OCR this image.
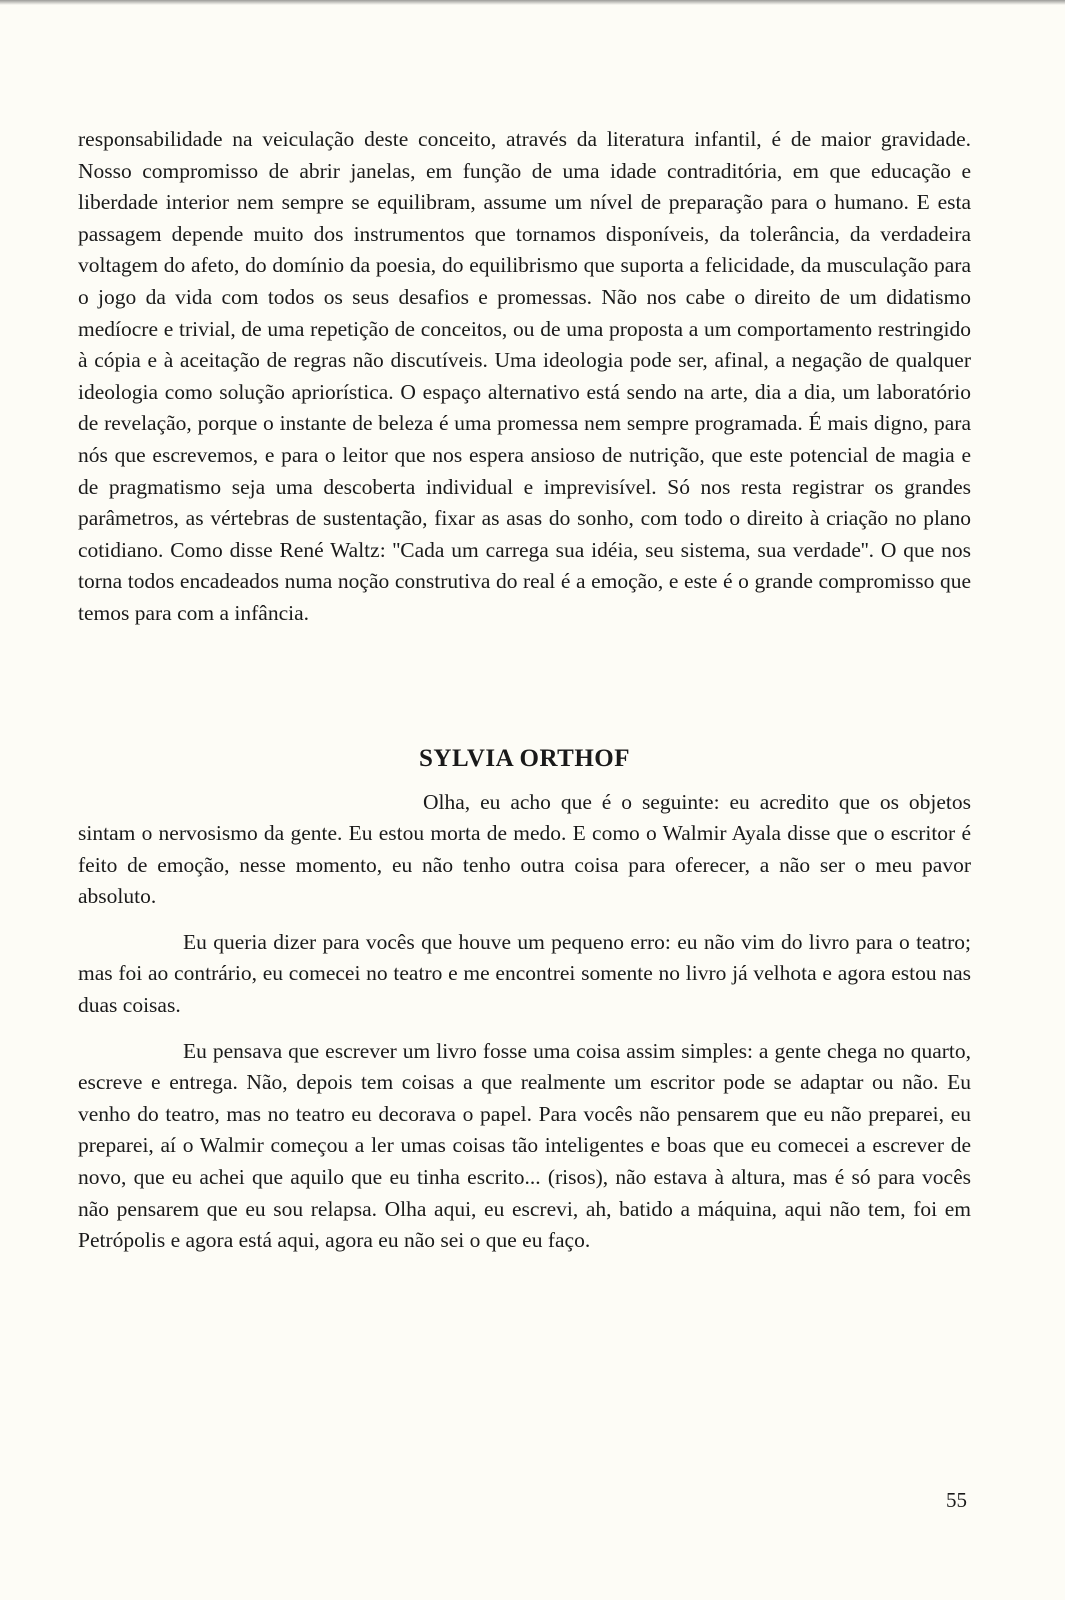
responsabilidade na veiculação deste conceito, através da literatura infantil, é de maior gravidade. Nosso compromisso de abrir janelas, em função de uma idade contraditória, em que educação e liberdade interior nem sempre se equilibram, assume um nível de preparação para o humano. E esta passagem depende muito dos instrumentos que tornamos disponíveis, da tolerância, da verdadeira voltagem do afeto, do domínio da poesia, do equilibrismo que suporta a felicidade, da musculação para o jogo da vida com todos os seus desafios e promessas. Não nos cabe o direito de um didatismo medíocre e trivial, de uma repetição de conceitos, ou de uma proposta a um comportamento restringido à cópia e à aceitação de regras não discutíveis. Uma ideologia pode ser, afinal, a negação de qualquer ideologia como solução apriorística. O espaço alternativo está sendo na arte, dia a dia, um laboratório de revelação, porque o instante de beleza é uma promessa nem sempre programada. É mais digno, para nós que escrevemos, e para o leitor que nos espera ansioso de nutrição, que este potencial de magia e de pragmatismo seja uma descoberta individual e imprevisível. Só nos resta registrar os grandes parâmetros, as vértebras de sustentação, fixar as asas do sonho, com todo o direito à criação no plano cotidiano. Como disse René Waltz: ''Cada um carrega sua idéia, seu sistema, sua verdade''. O que nos torna todos encadeados numa noção construtiva do real é a emoção, e este é o grande compromisso que temos para com a infância.

SYLVIA ORTHOF

Olha, eu acho que é o seguinte: eu acredito que os objetos sintam o nervosismo da gente. Eu estou morta de medo. E como o Walmir Ayala disse que o escritor é feito de emoção, nesse momento, eu não tenho outra coisa para oferecer, a não ser o meu pavor absoluto.

Eu queria dizer para vocês que houve um pequeno erro: eu não vim do livro para o teatro; mas foi ao contrário, eu comecei no teatro e me encontrei somente no livro já velhota e agora estou nas duas coisas.

Eu pensava que escrever um livro fosse uma coisa assim simples: a gente chega no quarto, escreve e entrega. Não, depois tem coisas a que realmente um escritor pode se adaptar ou não. Eu venho do teatro, mas no teatro eu decorava o papel. Para vocês não pensarem que eu não preparei, eu preparei, aí o Walmir começou a ler umas coisas tão inteligentes e boas que eu comecei a escrever de novo, que eu achei que aquilo que eu tinha escrito... (risos), não estava à altura, mas é só para vocês não pensarem que eu sou relapsa. Olha aqui, eu escrevi, ah, batido a máquina, aqui não tem, foi em Petrópolis e agora está aqui, agora eu não sei o que eu faço.

55
